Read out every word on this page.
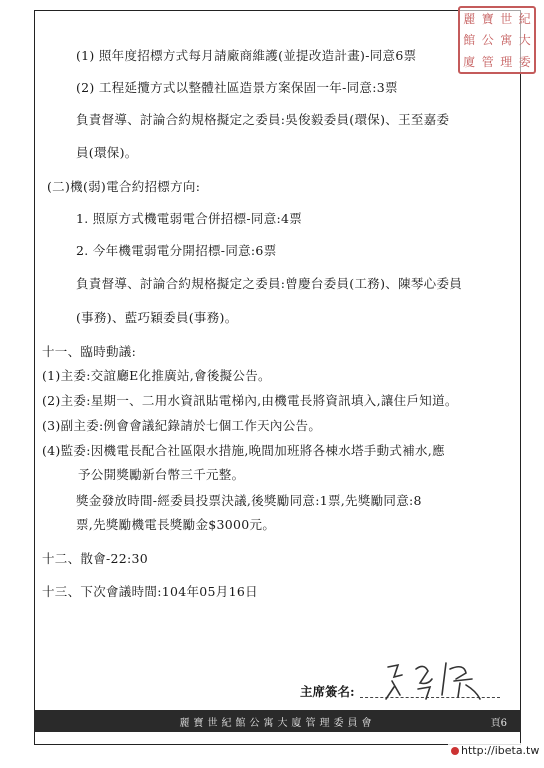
麗 寶 世 紀
館 公 寓 大
廈 管 理 委
(1) 照年度招標方式每月請廠商維護(並提改造計畫)-同意6票
(2) 工程延攬方式以整體社區造景方案保固一年-同意:3票
負責督導、討論合約規格擬定之委員:吳俊毅委員(環保)、王至嘉委
員(環保)。
(二)機(弱)電合約招標方向:
1. 照原方式機電弱電合併招標-同意:4票
2. 今年機電弱電分開招標-同意:6票
負責督導、討論合約規格擬定之委員:曾慶台委員(工務)、陳琴心委員
(事務)、藍巧穎委員(事務)。
十一、臨時動議:
(1)主委:交誼廳E化推廣站,會後擬公告。
(2)主委:星期一、二用水資訊貼電梯內,由機電長將資訊填入,讓住戶知道。
(3)副主委:例會會議紀錄請於七個工作天內公告。
(4)監委:因機電長配合社區限水措施,晚間加班將各棟水塔手動式補水,應
予公開獎勵新台幣三千元整。
獎金發放時間-經委員投票決議,後獎勵同意:1票,先獎勵同意:8
票,先獎勵機電長獎勵金$3000元。
十二、散會-22:30
十三、下次會議時間:104年05月16日
主席簽名:
麗寶世紀館公寓大廈管理委員會	頁6
http://ibeta.tw
